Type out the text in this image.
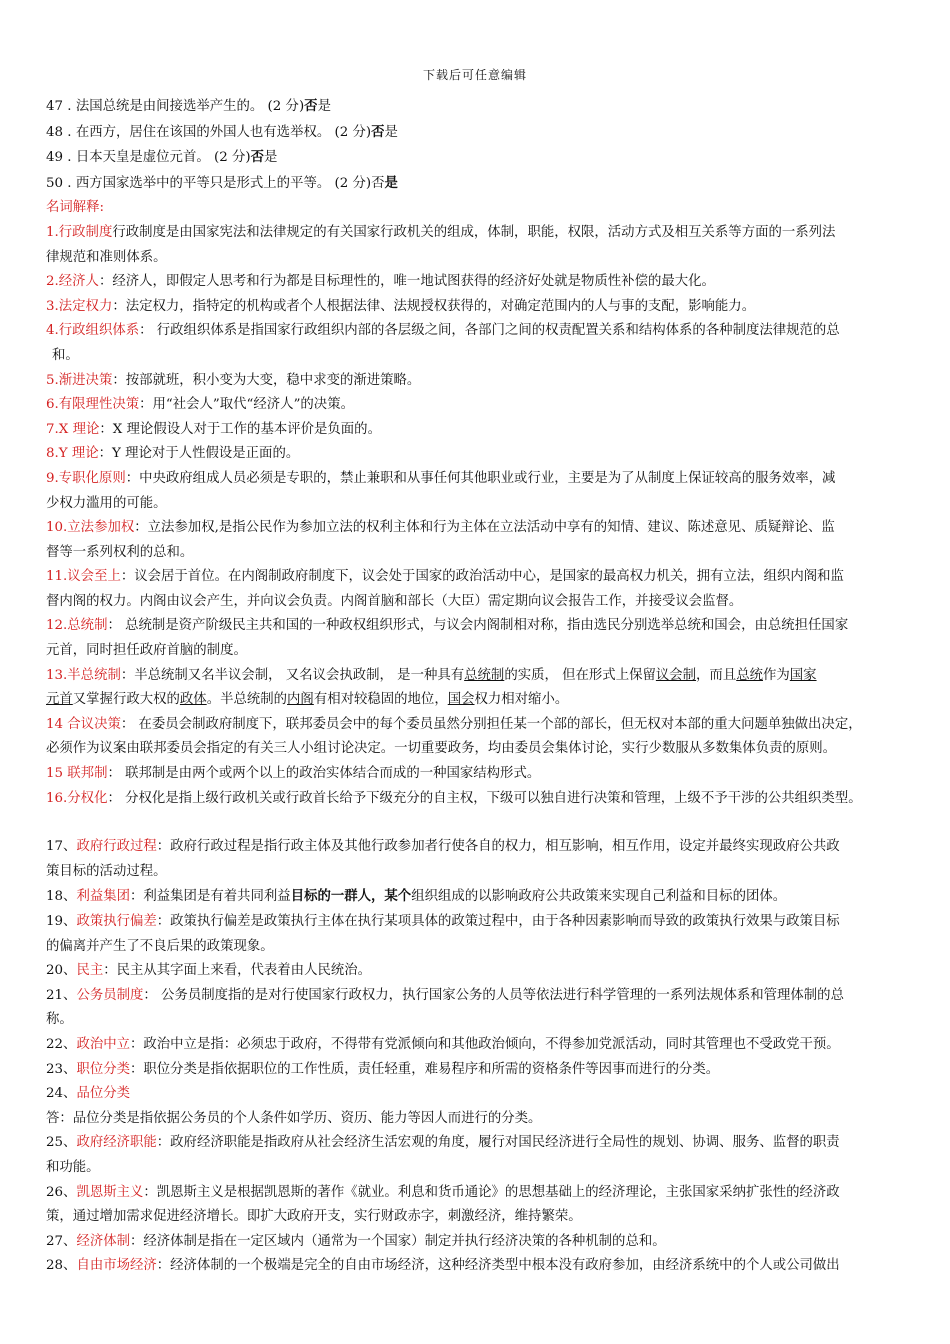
下载后可任意编辑
47 . 法国总统是由间接选举产生的。 (2 分)否是
48 . 在西方，居住在该国的外国人也有选举权。 (2 分)否是
49 . 日本天皇是虚位元首。 (2 分)否是
50 . 西方国家选举中的平等只是形式上的平等。 (2 分)否是
名词解释:
1.行政制度行政制度是由国家宪法和法律规定的有关国家行政机关的组成，体制，职能，权限，活动方式及相互关系等方面的一系列法
律规范和准则体系。
2.经济人：经济人，即假定人思考和行为都是目标理性的，唯一地试图获得的经济好处就是物质性补偿的最大化。
3.法定权力：法定权力，指特定的机构或者个人根据法律、法规授权获得的，对确定范围内的人与事的支配，影响能力。
4.行政组织体系： 行政组织体系是指国家行政组织内部的各层级之间，各部门之间的权责配置关系和结构体系的各种制度法律规范的总
和。
5.渐进决策：按部就班，积小变为大变，稳中求变的渐进策略。
6.有限理性决策：用“社会人”取代“经济人”的决策。
7.X 理论：X 理论假设人对于工作的基本评价是负面的。
8.Y 理论：Y 理论对于人性假设是正面的。
9.专职化原则：中央政府组成人员必须是专职的，禁止兼职和从事任何其他职业或行业，主要是为了从制度上保证较高的服务效率，减
少权力滥用的可能。
10.立法参加权：立法参加权,是指公民作为参加立法的权利主体和行为主体在立法活动中享有的知情、建议、陈述意见、质疑辩论、监
督等一系列权利的总和。
11.议会至上：议会居于首位。在内阁制政府制度下，议会处于国家的政治活动中心，是国家的最高权力机关，拥有立法，组织内阁和监
督内阁的权力。内阁由议会产生，并向议会负责。内阁首脑和部长（大臣）需定期向议会报告工作，并接受议会监督。
12.总统制： 总统制是资产阶级民主共和国的一种政权组织形式，与议会内阁制相对称，指由选民分别选举总统和国会，由总统担任国家
元首，同时担任政府首脑的制度。
13.半总统制：半总统制又名半议会制， 又名议会执政制， 是一种具有总统制的实质， 但在形式上保留议会制，而且总统作为国家
元首又掌握行政大权的政体。半总统制的内阁有相对较稳固的地位，国会权力相对缩小。
14 合议决策： 在委员会制政府制度下，联邦委员会中的每个委员虽然分别担任某一个部的部长，但无权对本部的重大问题单独做出决定，
必须作为议案由联邦委员会指定的有关三人小组讨论决定。一切重要政务，均由委员会集体讨论，实行少数服从多数集体负责的原则。
15 联邦制： 联邦制是由两个或两个以上的政治实体结合而成的一种国家结构形式。
16.分权化： 分权化是指上级行政机关或行政首长给予下级充分的自主权，下级可以独自进行决策和管理，上级不予干涉的公共组织类型。
17、政府行政过程：政府行政过程是指行政主体及其他行政参加者行使各自的权力，相互影响，相互作用，设定并最终实现政府公共政
策目标的活动过程。
18、利益集团：利益集团是有着共同利益目标的一群人，某个组织组成的以影响政府公共政策来实现自己利益和目标的团体。
19、政策执行偏差：政策执行偏差是政策执行主体在执行某项具体的政策过程中，由于各种因素影响而导致的政策执行效果与政策目标
的偏离并产生了不良后果的政策现象。
20、民主：民主从其字面上来看，代表着由人民统治。
21、公务员制度： 公务员制度指的是对行使国家行政权力，执行国家公务的人员等依法进行科学管理的一系列法规体系和管理体制的总
称。
22、政治中立：政治中立是指：必须忠于政府，不得带有党派倾向和其他政治倾向，不得参加党派活动，同时其管理也不受政党干预。
23、职位分类：职位分类是指依据职位的工作性质，责任轻重，难易程序和所需的资格条件等因事而进行的分类。
24、品位分类
答：品位分类是指依据公务员的个人条件如学历、资历、能力等因人而进行的分类。
25、政府经济职能：政府经济职能是指政府从社会经济生活宏观的角度，履行对国民经济进行全局性的规划、协调、服务、监督的职责
和功能。
26、凯恩斯主义：凯恩斯主义是根据凯恩斯的著作《就业。利息和货币通论》的思想基础上的经济理论，主张国家采纳扩张性的经济政
策，通过增加需求促进经济增长。即扩大政府开支，实行财政赤字，刺激经济，维持繁荣。
27、经济体制：经济体制是指在一定区域内（通常为一个国家）制定并执行经济决策的各种机制的总和。
28、自由市场经济：经济体制的一个极端是完全的自由市场经济，这种经济类型中根本没有政府参加，由经济系统中的个人或公司做出
